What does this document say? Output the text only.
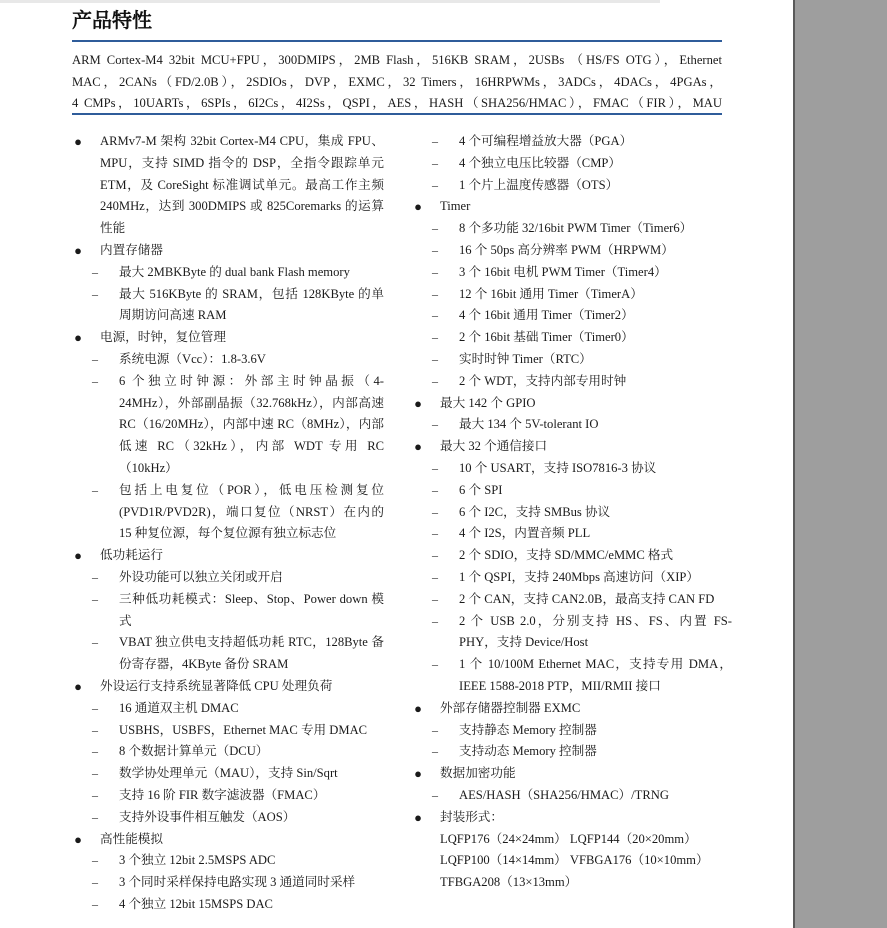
产品特性
ARM Cortex-M4 32bit MCU+FPU，300DMIPS，2MB Flash，516KB SRAM，2USBs （HS/FS OTG），Ethernet
MAC，2CANs（FD/2.0B），2SDIOs，DVP，EXMC，32 Timers，16HRPWMs，3ADCs，4DACs，4PGAs，
4 CMPs，10UARTs，6SPIs，6I2Cs，4I2Ss，QSPI，AES，HASH（SHA256/HMAC），FMAC（FIR），MAU
● ARMv7-M 架构 32bit Cortex-M4 CPU，集成 FPU、MPU，支持 SIMD 指令的 DSP，全指令跟踪单元 ETM，及 CoreSight 标准调试单元。最高工作主频 240MHz，达到 300DMIPS 或 825Coremarks 的运算性能
● 内置存储器
– 最大 2MBKByte 的 dual bank Flash memory
– 最大 516KByte 的 SRAM，包括 128KByte 的单周期访问高速 RAM
● 电源，时钟，复位管理
– 系统电源（Vcc）：1.8-3.6V
– 6 个独立时钟源：外部主时钟晶振（4-24MHz），外部副晶振（32.768kHz），内部高速 RC（16/20MHz），内部中速 RC（8MHz），内部低速 RC（32kHz），内部 WDT 专用 RC（10kHz）
– 包括上电复位（POR），低电压检测复位(PVD1R/PVD2R)，端口复位（NRST）在内的 15 种复位源，每个复位源有独立标志位
● 低功耗运行
– 外设功能可以独立关闭或开启
– 三种低功耗模式：Sleep、Stop、Power down 模式
– VBAT 独立供电支持超低功耗 RTC，128Byte 备份寄存器，4KByte 备份 SRAM
● 外设运行支持系统显著降低 CPU 处理负荷
– 16 通道双主机 DMAC
– USBHS，USBFS，Ethernet MAC 专用 DMAC
– 8 个数据计算单元（DCU）
– 数学协处理单元（MAU），支持 Sin/Sqrt
– 支持 16 阶 FIR 数字滤波器（FMAC）
– 支持外设事件相互触发（AOS）
● 高性能模拟
– 3 个独立 12bit 2.5MSPS ADC
– 3 个同时采样保持电路实现 3 通道同时采样
– 4 个独立 12bit 15MSPS DAC
– 4 个可编程增益放大器（PGA）
– 4 个独立电压比较器（CMP）
– 1 个片上温度传感器（OTS）
● Timer
– 8 个多功能 32/16bit PWM Timer（Timer6）
– 16 个 50ps 高分辨率 PWM（HRPWM）
– 3 个 16bit 电机 PWM Timer（Timer4）
– 12 个 16bit 通用 Timer（TimerA）
– 4 个 16bit 通用 Timer（Timer2）
– 2 个 16bit 基础 Timer（Timer0）
– 实时时钟 Timer（RTC）
– 2 个 WDT，支持内部专用时钟
● 最大 142 个 GPIO
– 最大 134 个 5V-tolerant IO
● 最大 32 个通信接口
– 10 个 USART，支持 ISO7816-3 协议
– 6 个 SPI
– 6 个 I2C，支持 SMBus 协议
– 4 个 I2S，内置音频 PLL
– 2 个 SDIO，支持 SD/MMC/eMMC 格式
– 1 个 QSPI，支持 240Mbps 高速访问（XIP）
– 2 个 CAN，支持 CAN2.0B，最高支持 CAN FD
– 2 个 USB 2.0，分别支持 HS、FS、内置 FS-PHY，支持 Device/Host
– 1 个 10/100M Ethernet MAC，支持专用 DMA，IEEE 1588-2018 PTP，MII/RMII 接口
● 外部存储器控制器 EXMC
– 支持静态 Memory 控制器
– 支持动态 Memory 控制器
● 数据加密功能
– AES/HASH（SHA256/HMAC）/TRNG
● 封装形式：
LQFP176（24×24mm） LQFP144（20×20mm）
LQFP100（14×14mm） VFBGA176（10×10mm）
TFBGA208（13×13mm）
